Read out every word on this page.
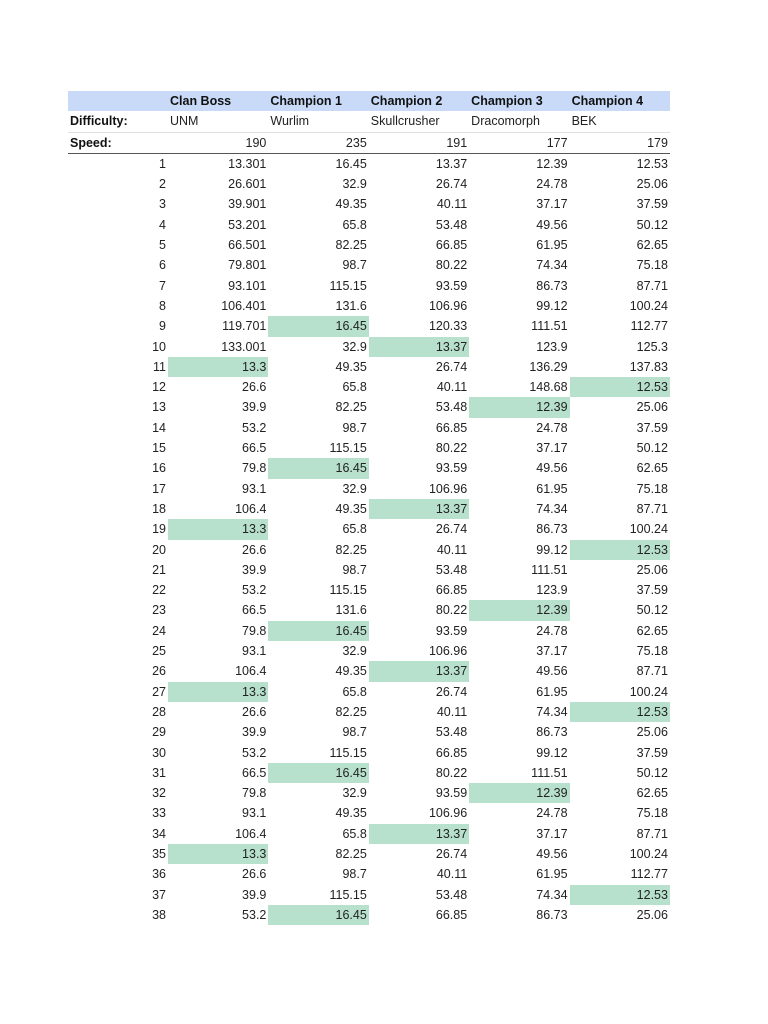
	Clan Boss	Champion 1	Champion 2	Champion 3	Champion 4
Difficulty:	UNM	Wurlim	Skullcrusher	Dracomorph	BEK
Speed:	190	235	191	177	179
1	13.301	16.45	13.37	12.39	12.53
2	26.601	32.9	26.74	24.78	25.06
3	39.901	49.35	40.11	37.17	37.59
4	53.201	65.8	53.48	49.56	50.12
5	66.501	82.25	66.85	61.95	62.65
6	79.801	98.7	80.22	74.34	75.18
7	93.101	115.15	93.59	86.73	87.71
8	106.401	131.6	106.96	99.12	100.24
9	119.701	16.45	120.33	111.51	112.77
10	133.001	32.9	13.37	123.9	125.3
11	13.3	49.35	26.74	136.29	137.83
12	26.6	65.8	40.11	148.68	12.53
13	39.9	82.25	53.48	12.39	25.06
14	53.2	98.7	66.85	24.78	37.59
15	66.5	115.15	80.22	37.17	50.12
16	79.8	16.45	93.59	49.56	62.65
17	93.1	32.9	106.96	61.95	75.18
18	106.4	49.35	13.37	74.34	87.71
19	13.3	65.8	26.74	86.73	100.24
20	26.6	82.25	40.11	99.12	12.53
21	39.9	98.7	53.48	111.51	25.06
22	53.2	115.15	66.85	123.9	37.59
23	66.5	131.6	80.22	12.39	50.12
24	79.8	16.45	93.59	24.78	62.65
25	93.1	32.9	106.96	37.17	75.18
26	106.4	49.35	13.37	49.56	87.71
27	13.3	65.8	26.74	61.95	100.24
28	26.6	82.25	40.11	74.34	12.53
29	39.9	98.7	53.48	86.73	25.06
30	53.2	115.15	66.85	99.12	37.59
31	66.5	16.45	80.22	111.51	50.12
32	79.8	32.9	93.59	12.39	62.65
33	93.1	49.35	106.96	24.78	75.18
34	106.4	65.8	13.37	37.17	87.71
35	13.3	82.25	26.74	49.56	100.24
36	26.6	98.7	40.11	61.95	112.77
37	39.9	115.15	53.48	74.34	12.53
38	53.2	16.45	66.85	86.73	25.06
